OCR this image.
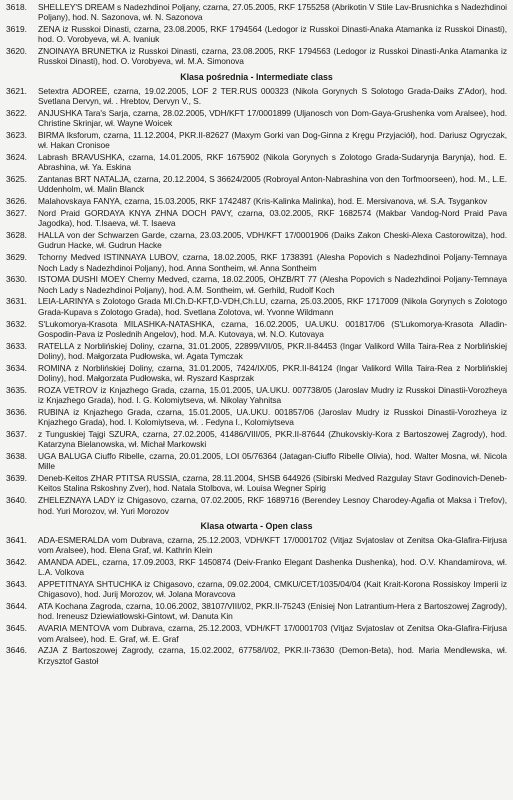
3618.	SHELLEY'S DREAM s Nadezhdinoi Poljany, czarna, 27.05.2005, RKF 1755258 (Abrikotin V Stile Lav-Brusnichka s Nadezhdinoi Poljany), hod. N. Sazonova, wł. N. Sazonova
3619.	ZENA iz Russkoi Dinasti, czarna, 23.08.2005, RKF 1794564 (Ledogor iz Russkoi Dinasti-Anaka Atamanka iz Russkoi Dinasti), hod. O. Vorobyeva, wł. A. Ivaniuk
3620.	ZNOINAYA BRUNETKA iz Russkoi Dinasti, czarna, 23.08.2005, RKF 1794563 (Ledogor iz Russkoi Dinasti-Anka Atamanka iz Russkoi Dinasti), hod. O. Vorobyeva, wł. M.A. Simonova
Klasa pośrednia - Intermediate class
3621.	Setextra ADOREE, czarna, 19.02.2005, LOF 2 TER.RUS 000323 (Nikola Gorynych S Solotogo Grada-Daiks Z'Ador), hod. Svetlana Dervyn, wł. . Hrebtov, Dervyn V., S.
3622.	ANJUSHKA Tara's Sarja, czarna, 28.02.2005, VDH/KFT 17/0001899 (Uljanosch von Dom-Gaya-Grushenka vom Aralsee), hod. Christine Skrinjar, wł. Wayne Woicek
3623.	BIRMA Iksforum, czarna, 11.12.2004, PKR.II-82627 (Maxym Gorki van Dog-Ginna z Kręgu Przyjaciół), hod. Dariusz Ogryczak, wł. Hakan Cronisoe
3624.	Labrash BRAVUSHKA, czarna, 14.01.2005, RKF 1675902 (Nikola Gorynych s Zolotogo Grada-Sudarynja Barynja), hod. E. Abrashina, wł. Ya. Eskina
3625.	Zantanas BRT NATALJA, czarna, 20.12.2004, S 36624/2005 (Robroyal Anton-Nabrashina von den Torfmoorseen), hod. M., L.E. Uddenholm, wł. Malin Blanck
3626.	Malahovskaya FANYA, czarna, 15.03.2005, RKF 1742487 (Kris-Kalinka Malinka), hod. E. Mersivanova, wł. S.A. Tsygankov
3627.	Nord Praid GORDAYA KNYA ZHNA DOCH PAVY, czarna, 03.02.2005, RKF 1682574 (Makbar Vandog-Nord Praid Pava Jagodka), hod. T.Isaeva, wł. T. Isaeva
3628.	HALLA von der Schwarzen Garde, czarna, 23.03.2005, VDH/KFT 17/0001906 (Daiks Zakon Cheski-Alexa Castorowitza), hod. Gudrun Hacke, wł. Gudrun Hacke
3629.	Tchorny Medved ISTINNAYA LUBOV, czarna, 18.02.2005, RKF 1738391 (Alesha Popovich s Nadezhdinoi Poljany-Temnaya Noch Lady s Nadezhdinoi Poljany), hod. Anna Sontheim, wł. Anna Sontheim
3630.	ISTOMA DUSHI MOEY Cherny Medved, czarna, 18.02.2005, OHZB/RT 77 (Alesha Popovich s Nadezhdinoi Poljany-Temnaya Noch Lady s Nadezhdinoi Poljany), hod. A.M. Sontheim, wł. Gerhild, Rudolf Koch
3631.	LEIA-LARINYA s Zolotogo Grada MI.Ch.D-KFT,D-VDH,Ch.LU, czarna, 25.03.2005, RKF 1717009 (Nikola Gorynych s Zolotogo Grada-Kupava s Zolotogo Grada), hod. Svetlana Zolotova, wł. Yvonne Wildmann
3632.	S'Lukomorya-Krasota MILASHKA-NATASHKA, czarna, 16.02.2005, UA.UKU. 001817/06 (S'Lukomorya-Krasota Alladin-Gospodin-Pava iz Poslednih Angelov), hod. M.A. Kutovaya, wł. N.O. Kutovaya
3633.	RATELLA z Norblińskiej Doliny, czarna, 31.01.2005, 22899/VII/05, PKR.II-84453 (Ingar Valikord Willa Taira-Rea z Norblińskiej Doliny), hod. Małgorzata Pudłowska, wł. Agata Tymczak
3634.	ROMINA z Norblińskiej Doliny, czarna, 31.01.2005, 7424/IX/05, PKR.II-84124 (Ingar Valikord Willa Taira-Rea z Norblińskiej Doliny), hod. Małgorzata Pudłowska, wł. Ryszard Kasprzak
3635.	ROZA VETROV iz Knjazhego Grada, czarna, 15.01.2005, UA.UKU. 007738/05 (Jaroslav Mudry iz Russkoi Dinastii-Vorozheya iz Knjazhego Grada), hod. I. G. Kolomiytseva, wł. Nikolay Yahnitsa
3636.	RUBINA iz Knjazhego Grada, czarna, 15.01.2005, UA.UKU. 001857/06 (Jaroslav Mudry iz Russkoi Dinastii-Vorozheya iz Knjazhego Grada), hod. I. Kolomiytseva, wł. . Fedyna I., Kolomiytseva
3637.	z Tunguskiej Tajgi SZURA, czarna, 27.02.2005, 41486/VIII/05, PKR.II-87644 (Zhukovskiy-Kora z Bartoszowej Zagrody), hod. Katarzyna Bielanowska, wł. Michał Markowski
3638.	UGA BALUGA Ciuffo Ribelle, czarna, 20.01.2005, LOI 05/76364 (Jatagan-Ciuffo Ribelle Olivia), hod. Walter Mosna, wł. Nicola Mille
3639.	Deneb-Keitos ZHAR PTITSA RUSSIA, czarna, 28.11.2004, SHSB 644926 (Sibirski Medved Razgulay Stavr Godinovich-Deneb-Keitos Stalina Rskoshny Zver), hod. Natala Stolbova, wł. Louisa Wegner Spirig
3640.	ZHELEZNAYA LADY iz Chigasovo, czarna, 07.02.2005, RKF 1689716 (Berendey Lesnoy Charodey-Agafia ot Maksa i Trefov), hod. Yuri Morozov, wł. Yuri Morozov
Klasa otwarta - Open class
3641.	ADA-ESMERALDA vom Dubrava, czarna, 25.12.2003, VDH/KFT 17/0001702 (Vitjaz Svjatoslav ot Zenitsa Oka-Glafira-Firjusa vom Aralsee), hod. Elena Graf, wł. Kathrin Klein
3642.	AMANDA ADEL, czarna, 17.09.2003, RKF 1450874 (Deiv-Franko Elegant Dashenka Dushenka), hod. O.V. Khandamirova, wł. L.A. Volkova
3643.	APPETITNAYA SHTUCHKA iz Chigasovo, czarna, 09.02.2004, CMKU/CET/1035/04/04 (Kait Krait-Korona Rossiskoy Imperii iz Chigasovo), hod. Jurij Morozov, wł. Jolana Moravcova
3644.	ATA Kochana Zagroda, czarna, 10.06.2002, 38107/VIII/02, PKR.II-75243 (Enisiej Non Latrantium-Hera z Bartoszowej Zagrody), hod. Ireneusz Dziewiatłowski-Gintowt, wł. Danuta Kin
3645.	AVARIA MENTOVA vom Dubrava, czarna, 25.12.2003, VDH/KFT 17/0001703 (Vitjaz Svjatoslav ot Zenitsa Oka-Glafira-Firjusa vom Aralsee), hod. E. Graf, wł. E. Graf
3646.	AZJA Z Bartoszowej Zagrody, czarna, 15.02.2002, 67758/I/02, PKR.II-73630 (Demon-Beta), hod. Maria Mendlewska, wł. Krzysztof Gastoł
